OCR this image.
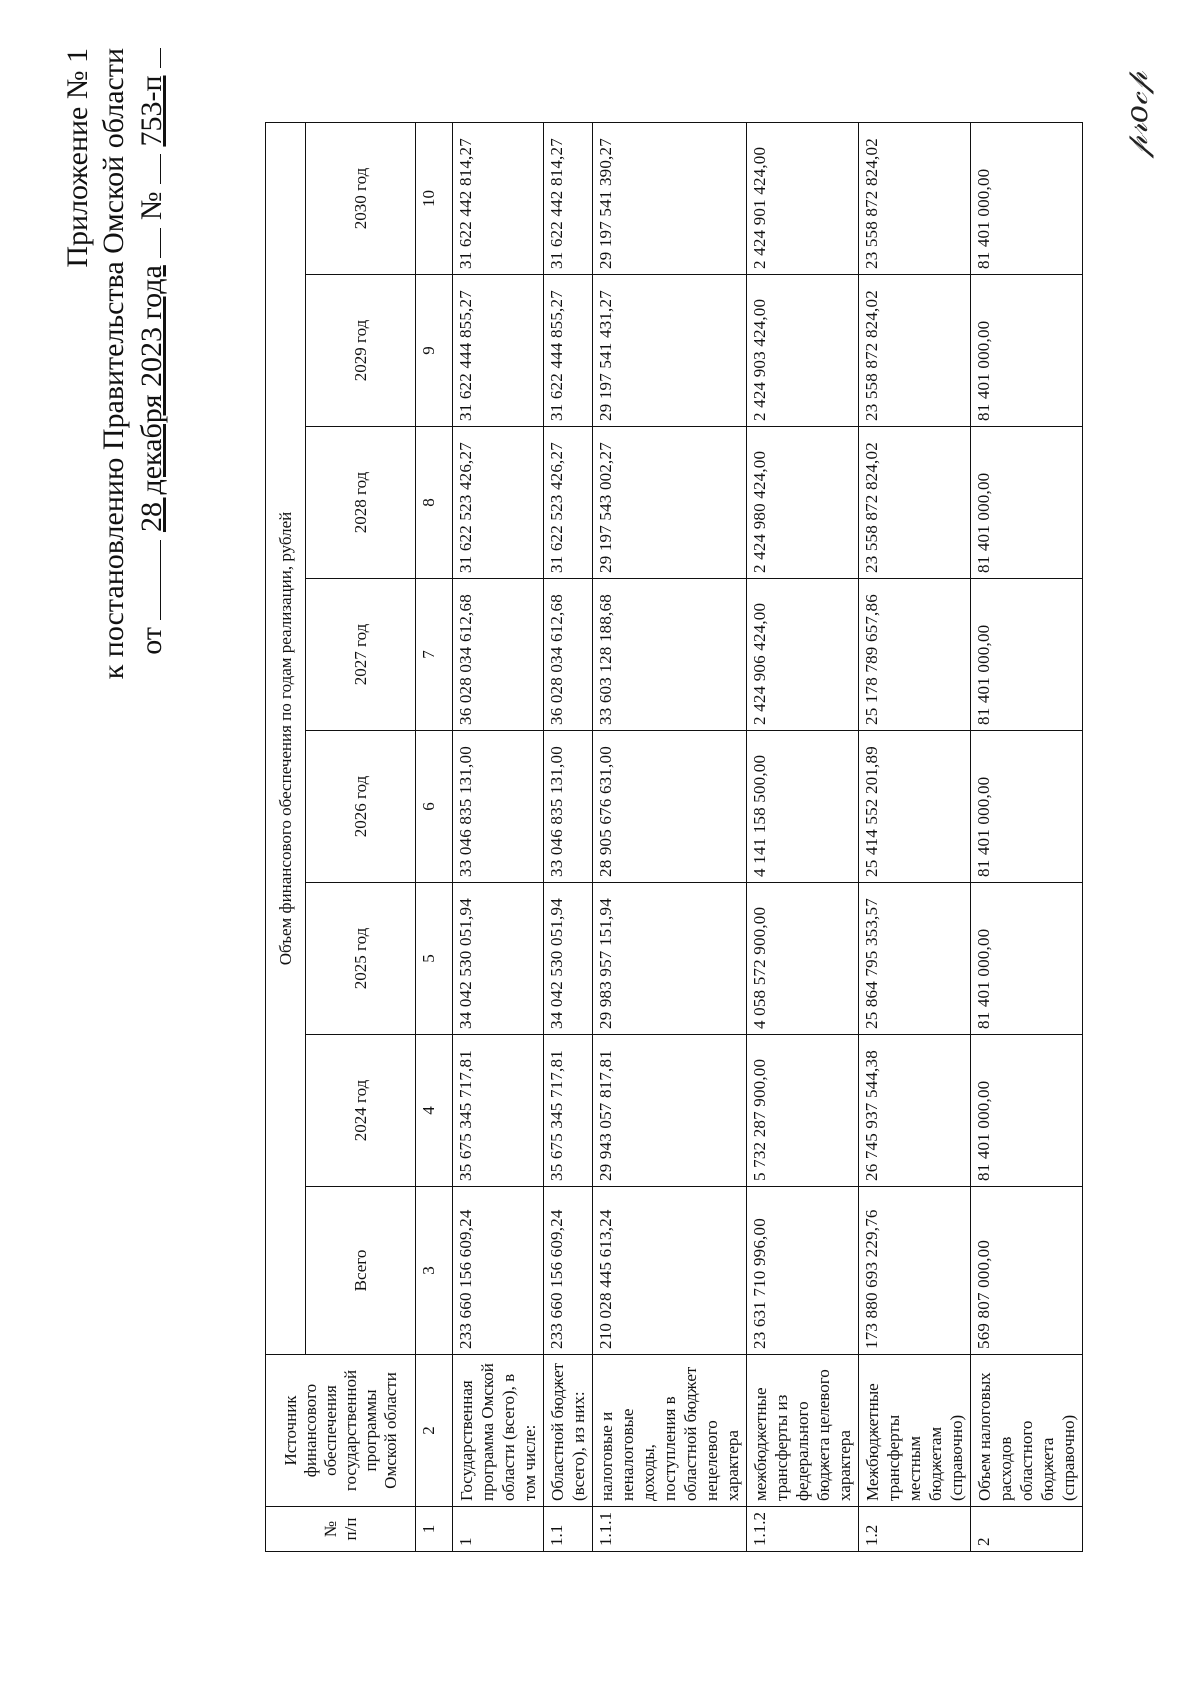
Приложение № 1 к постановлению Правительства Омской области от  28 декабря 2023 года  №  753-п
№ п/п	Источник финансового обеспечения государственной программы Омской области	Объем финансового обеспечения по годам реализации, рублей							
		Всего	2024 год	2025 год	2026 год	2027 год	2028 год	2029 год	2030 год
1	2	3	4	5	6	7	8	9	10
1	Государственная программа Омской области (всего), в том числе:	233 660 156 609,24	35 675 345 717,81	34 042 530 051,94	33 046 835 131,00	36 028 034 612,68	31 622 523 426,27	31 622 444 855,27	31 622 442 814,27
1.1	Областной бюджет (всего), из них:	233 660 156 609,24	35 675 345 717,81	34 042 530 051,94	33 046 835 131,00	36 028 034 612,68	31 622 523 426,27	31 622 444 855,27	31 622 442 814,27
1.1.1	налоговые и неналоговые доходы, поступления в областной бюджет нецелевого характера	210 028 445 613,24	29 943 057 817,81	29 983 957 151,94	28 905 676 631,00	33 603 128 188,68	29 197 543 002,27	29 197 541 431,27	29 197 541 390,27
1.1.2	межбюджетные трансферты из федерального бюджета целевого характера	23 631 710 996,00	5 732 287 900,00	4 058 572 900,00	4 141 158 500,00	2 424 906 424,00	2 424 980 424,00	2 424 903 424,00	2 424 901 424,00
1.2	Межбюджетные трансферты местным бюджетам (справочно)	173 880 693 229,76	26 745 937 544,38	25 864 795 353,57	25 414 552 201,89	25 178 789 657,86	23 558 872 824,02	23 558 872 824,02	23 558 872 824,02
2	Объем налоговых расходов областного бюджета (справочно)	569 807 000,00	81 401 000,00	81 401 000,00	81 401 000,00	81 401 000,00	81 401 000,00	81 401 000,00	81 401 000,00
𝓅𝓇𝑜𝒸𝓅
